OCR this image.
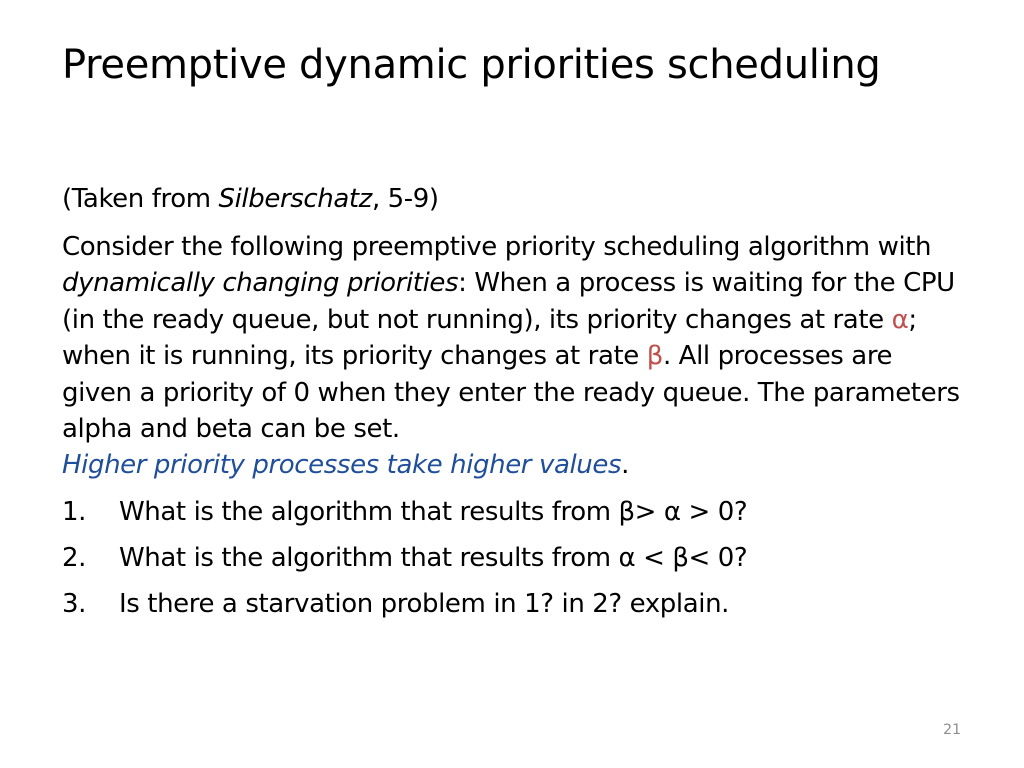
Preemptive dynamic priorities scheduling
(Taken from Silberschatz, 5-9)
Consider the following preemptive priority scheduling algorithm with dynamically changing priorities: When a process is waiting for the CPU (in the ready queue, but not running), its priority changes at rate α; when it is running, its priority changes at rate β. All processes are given a priority of 0 when they enter the ready queue. The parameters alpha and beta can be set.
Higher priority processes take higher values.
1.	What is the algorithm that results from β> α > 0?
2.	What is the algorithm that results from α < β< 0?
3.	Is there a starvation problem in 1? in 2? explain.
21
